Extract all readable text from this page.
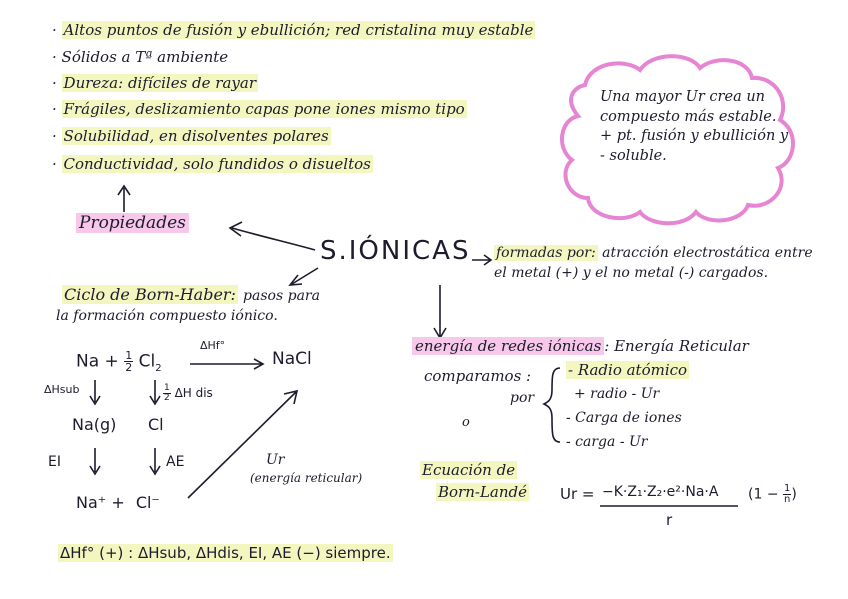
· Altos puntos de fusión y ebullición; red cristalina muy estable
· Sólidos a Tª ambiente
· Dureza: difíciles de rayar
· Frágiles, deslizamiento capas pone iones mismo tipo
· Solubilidad, en disolventes polares
· Conductividad, solo fundidos o disueltos
Propiedades
Una mayor Ur crea un compuesto más estable. + pt. fusión y ebullición y - soluble.
S.IÓNICAS formadas por: atracción electrostática entre el metal (+) y el no metal (-) cargados.
Ciclo de Born-Haber: pasos para
la formación compuesto iónico.
$Na + \frac{1}{2} Cl_2$
ΔHf°
NaCl
ΔHsub	$\frac{1}{2}$ ΔH dis
Na(g) Cl
EI	AE	Ur
(energía reticular)
Na⁺ + Cl⁻
energía de redes iónicas : Energía Reticular
comparamos :
por
o
- Radio atómico
+ radio - Ur
- Carga de iones
- carga - Ur
Ecuación de
Born-Landé Ur = −K·Z₁·Z₂·e²·Na·A ($1 - \frac{1}{n}$ )
r
ΔHf° (+) : ΔHsub, ΔHdis, EI, AE (−) siempre.
